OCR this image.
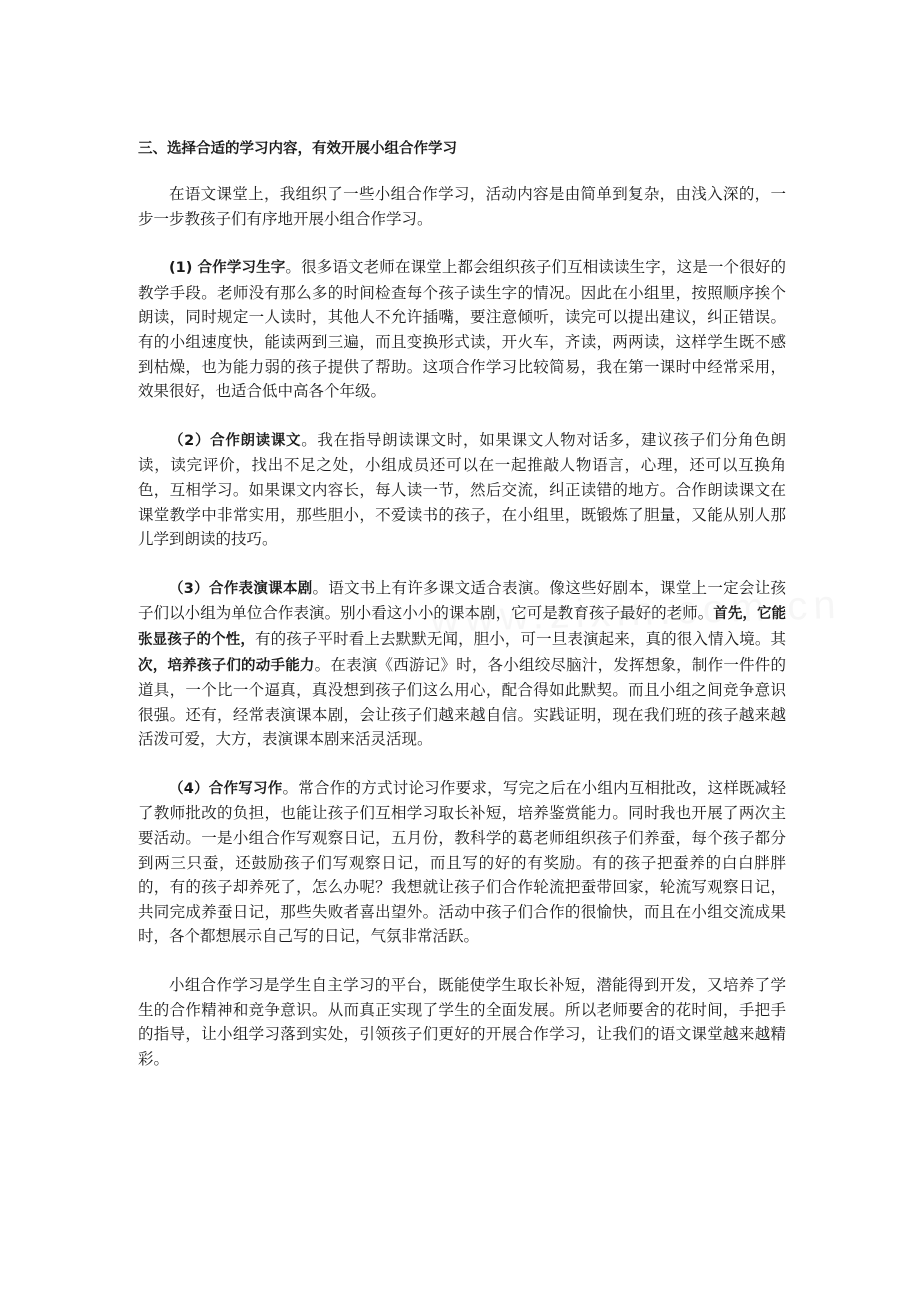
三、选择合适的学习内容，有效开展小组合作学习

在语文课堂上，我组织了一些小组合作学习，活动内容是由简单到复杂，由浅入深的，一步一步教孩子们有序地开展小组合作学习。

(1) 合作学习生字。很多语文老师在课堂上都会组织孩子们互相读读生字，这是一个很好的教学手段。老师没有那么多的时间检查每个孩子读生字的情况。因此在小组里，按照顺序挨个朗读，同时规定一人读时，其他人不允许插嘴，要注意倾听，读完可以提出建议，纠正错误。有的小组速度快，能读两到三遍，而且变换形式读，开火车，齐读，两两读，这样学生既不感到枯燥，也为能力弱的孩子提供了帮助。这项合作学习比较简易，我在第一课时中经常采用，效果很好，也适合低中高各个年级。

（2）合作朗读课文。我在指导朗读课文时，如果课文人物对话多，建议孩子们分角色朗读，读完评价，找出不足之处，小组成员还可以在一起推敲人物语言，心理，还可以互换角色，互相学习。如果课文内容长，每人读一节，然后交流，纠正读错的地方。合作朗读课文在课堂教学中非常实用，那些胆小，不爱读书的孩子，在小组里，既锻炼了胆量，又能从别人那儿学到朗读的技巧。

（3）合作表演课本剧。语文书上有许多课文适合表演。像这些好剧本，课堂上一定会让孩子们以小组为单位合作表演。别小看这小小的课本剧，它可是教育孩子最好的老师。首先，它能张显孩子的个性，有的孩子平时看上去默默无闻，胆小，可一旦表演起来，真的很入情入境。其次，培养孩子们的动手能力。在表演《西游记》时，各小组绞尽脑汁，发挥想象，制作一件件的道具，一个比一个逼真，真没想到孩子们这么用心，配合得如此默契。而且小组之间竞争意识很强。还有，经常表演课本剧，会让孩子们越来越自信。实践证明，现在我们班的孩子越来越活泼可爱，大方，表演课本剧来活灵活现。

（4）合作写习作。常合作的方式讨论习作要求，写完之后在小组内互相批改，这样既减轻了教师批改的负担，也能让孩子们互相学习取长补短，培养鉴赏能力。同时我也开展了两次主要活动。一是小组合作写观察日记，五月份，教科学的葛老师组织孩子们养蚕，每个孩子都分到两三只蚕，还鼓励孩子们写观察日记，而且写的好的有奖励。有的孩子把蚕养的白白胖胖的，有的孩子却养死了，怎么办呢？我想就让孩子们合作轮流把蚕带回家，轮流写观察日记，共同完成养蚕日记，那些失败者喜出望外。活动中孩子们合作的很愉快，而且在小组交流成果时，各个都想展示自己写的日记，气氛非常活跃。

小组合作学习是学生自主学习的平台，既能使学生取长补短，潜能得到开发，又培养了学生的合作精神和竞争意识。从而真正实现了学生的全面发展。所以老师要舍的花时间，手把手的指导，让小组学习落到实处，引领孩子们更好的开展合作学习，让我们的语文课堂越来越精彩。
